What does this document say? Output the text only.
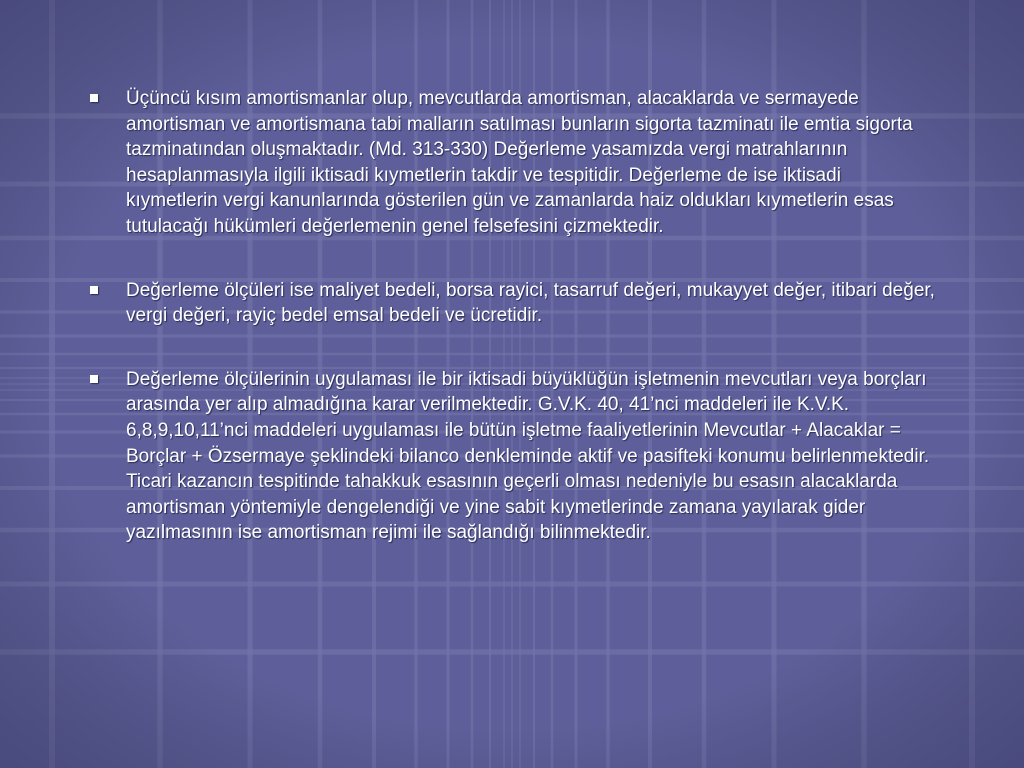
Üçüncü kısım amortismanlar olup, mevcutlarda amortisman, alacaklarda ve sermayede amortisman ve amortismana tabi malların satılması bunların sigorta tazminatı ile emtia sigorta tazminatından oluşmaktadır. (Md. 313-330) Değerleme yasamızda vergi matrahlarının hesaplanmasıyla ilgili iktisadi kıymetlerin takdir ve tespitidir. Değerleme de ise iktisadi kıymetlerin vergi kanunlarında gösterilen gün ve zamanlarda haiz oldukları kıymetlerin esas tutulacağı hükümleri değerlemenin genel felsefesini çizmektedir.
Değerleme ölçüleri ise maliyet bedeli, borsa rayici, tasarruf değeri, mukayyet değer, itibari değer, vergi değeri, rayiç bedel emsal bedeli ve ücretidir.
Değerleme ölçülerinin uygulaması ile bir iktisadi büyüklüğün işletmenin mevcutları veya borçları arasında yer alıp almadığına karar verilmektedir. G.V.K. 40, 41’nci maddeleri ile K.V.K. 6,8,9,10,11’nci maddeleri uygulaması ile bütün işletme faaliyetlerinin Mevcutlar + Alacaklar = Borçlar + Özsermaye şeklindeki bilanco denkleminde aktif ve pasifteki konumu belirlenmektedir. Ticari kazancın tespitinde tahakkuk esasının geçerli olması nedeniyle bu esasın alacaklarda amortisman yöntemiyle dengelendiği ve yine sabit kıymetlerinde zamana yayılarak gider yazılmasının ise amortisman rejimi ile sağlandığı bilinmektedir.
